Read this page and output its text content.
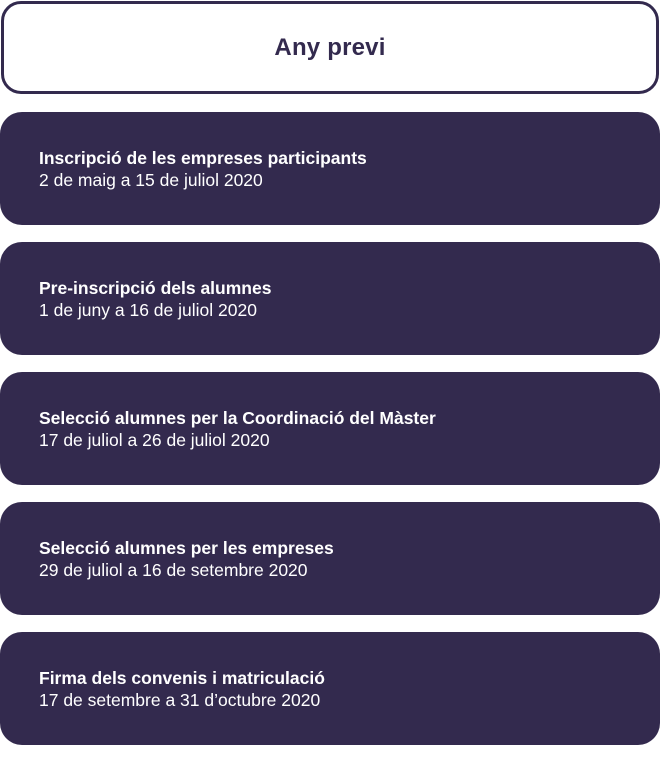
Any previ
Inscripció de les empreses participants
2 de maig a 15 de juliol 2020
Pre-inscripció dels alumnes
1 de juny a 16 de juliol 2020
Selecció alumnes per la Coordinació del Màster
17 de juliol a 26 de juliol 2020
Selecció alumnes per les empreses
29 de juliol a 16 de setembre 2020
Firma dels convenis i matriculació
17 de setembre a 31 d’octubre 2020
